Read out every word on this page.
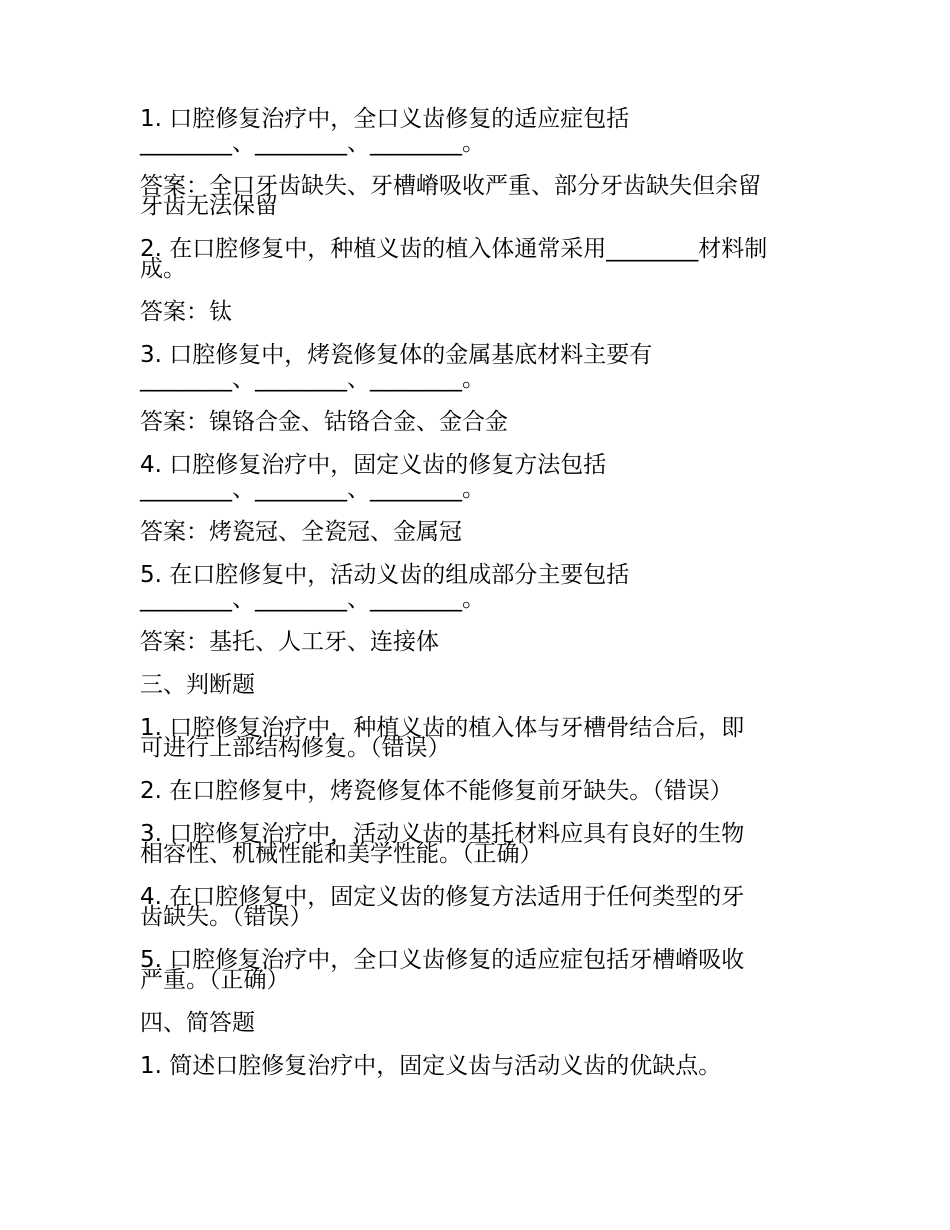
1. 口腔修复治疗中，全口义齿修复的适应症包括
________、________、________。
答案：全口牙齿缺失、牙槽嵴吸收严重、部分牙齿缺失但余留
牙齿无法保留
2. 在口腔修复中，种植义齿的植入体通常采用________材料制
成。
答案：钛
3. 口腔修复中，烤瓷修复体的金属基底材料主要有
________、________、________。
答案：镍铬合金、钴铬合金、金合金
4. 口腔修复治疗中，固定义齿的修复方法包括
________、________、________。
答案：烤瓷冠、全瓷冠、金属冠
5. 在口腔修复中，活动义齿的组成部分主要包括
________、________、________。
答案：基托、人工牙、连接体
三、判断题
1. 口腔修复治疗中，种植义齿的植入体与牙槽骨结合后，即
可进行上部结构修复。（错误）
2. 在口腔修复中，烤瓷修复体不能修复前牙缺失。（错误）
3. 口腔修复治疗中，活动义齿的基托材料应具有良好的生物
相容性、机械性能和美学性能。（正确）
4. 在口腔修复中，固定义齿的修复方法适用于任何类型的牙
齿缺失。（错误）
5. 口腔修复治疗中，全口义齿修复的适应症包括牙槽嵴吸收
严重。（正确）
四、简答题
1. 简述口腔修复治疗中，固定义齿与活动义齿的优缺点。
